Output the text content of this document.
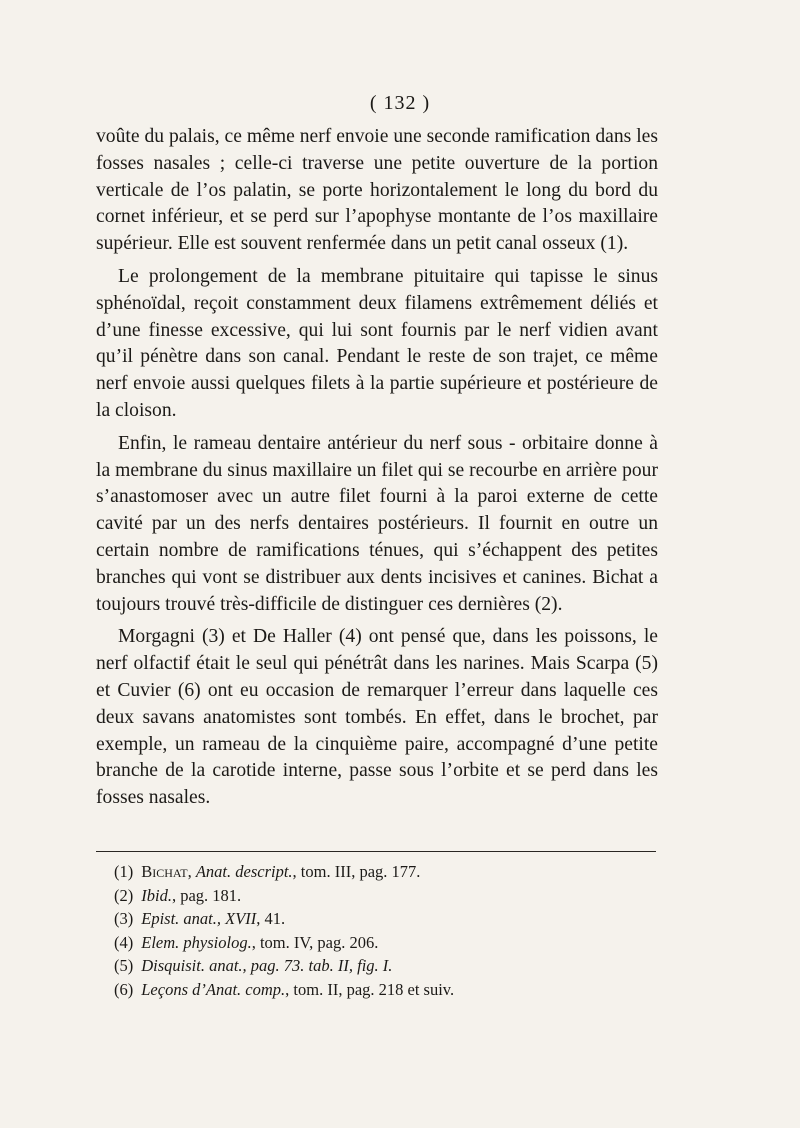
( 132 )

voûte du palais, ce même nerf envoie une seconde ramification dans les fosses nasales ; celle-ci traverse une petite ouverture de la portion verticale de l’os palatin, se porte horizontalement le long du bord du cornet inférieur, et se perd sur l’apophyse montante de l’os maxillaire supérieur. Elle est souvent renfermée dans un petit canal osseux (1).

Le prolongement de la membrane pituitaire qui tapisse le sinus sphénoïdal, reçoit constamment deux filamens extrêmement déliés et d’une finesse excessive, qui lui sont fournis par le nerf vidien avant qu’il pénètre dans son canal. Pendant le reste de son trajet, ce même nerf envoie aussi quelques filets à la partie supérieure et postérieure de la cloison.

Enfin, le rameau dentaire antérieur du nerf sous - orbitaire donne à la membrane du sinus maxillaire un filet qui se recourbe en arrière pour s’anastomoser avec un autre filet fourni à la paroi externe de cette cavité par un des nerfs dentaires postérieurs. Il fournit en outre un certain nombre de ramifications ténues, qui s’échappent des petites branches qui vont se distribuer aux dents incisives et canines. Bichat a toujours trouvé très-difficile de distinguer ces dernières (2).

Morgagni (3) et De Haller (4) ont pensé que, dans les poissons, le nerf olfactif était le seul qui pénétrât dans les narines. Mais Scarpa (5) et Cuvier (6) ont eu occasion de remarquer l’erreur dans laquelle ces deux savans anatomistes sont tombés. En effet, dans le brochet, par exemple, un rameau de la cinquième paire, accompagné d’une petite branche de la carotide interne, passe sous l’orbite et se perd dans les fosses nasales.

(1) Bichat, Anat. descript., tom. III, pag. 177.
(2) Ibid., pag. 181.
(3) Epist. anat., XVII, 41.
(4) Elem. physiolog., tom. IV, pag. 206.
(5) Disquisit. anat., pag. 73. tab. II, fig. I.
(6) Leçons d’Anat. comp., tom. II, pag. 218 et suiv.
